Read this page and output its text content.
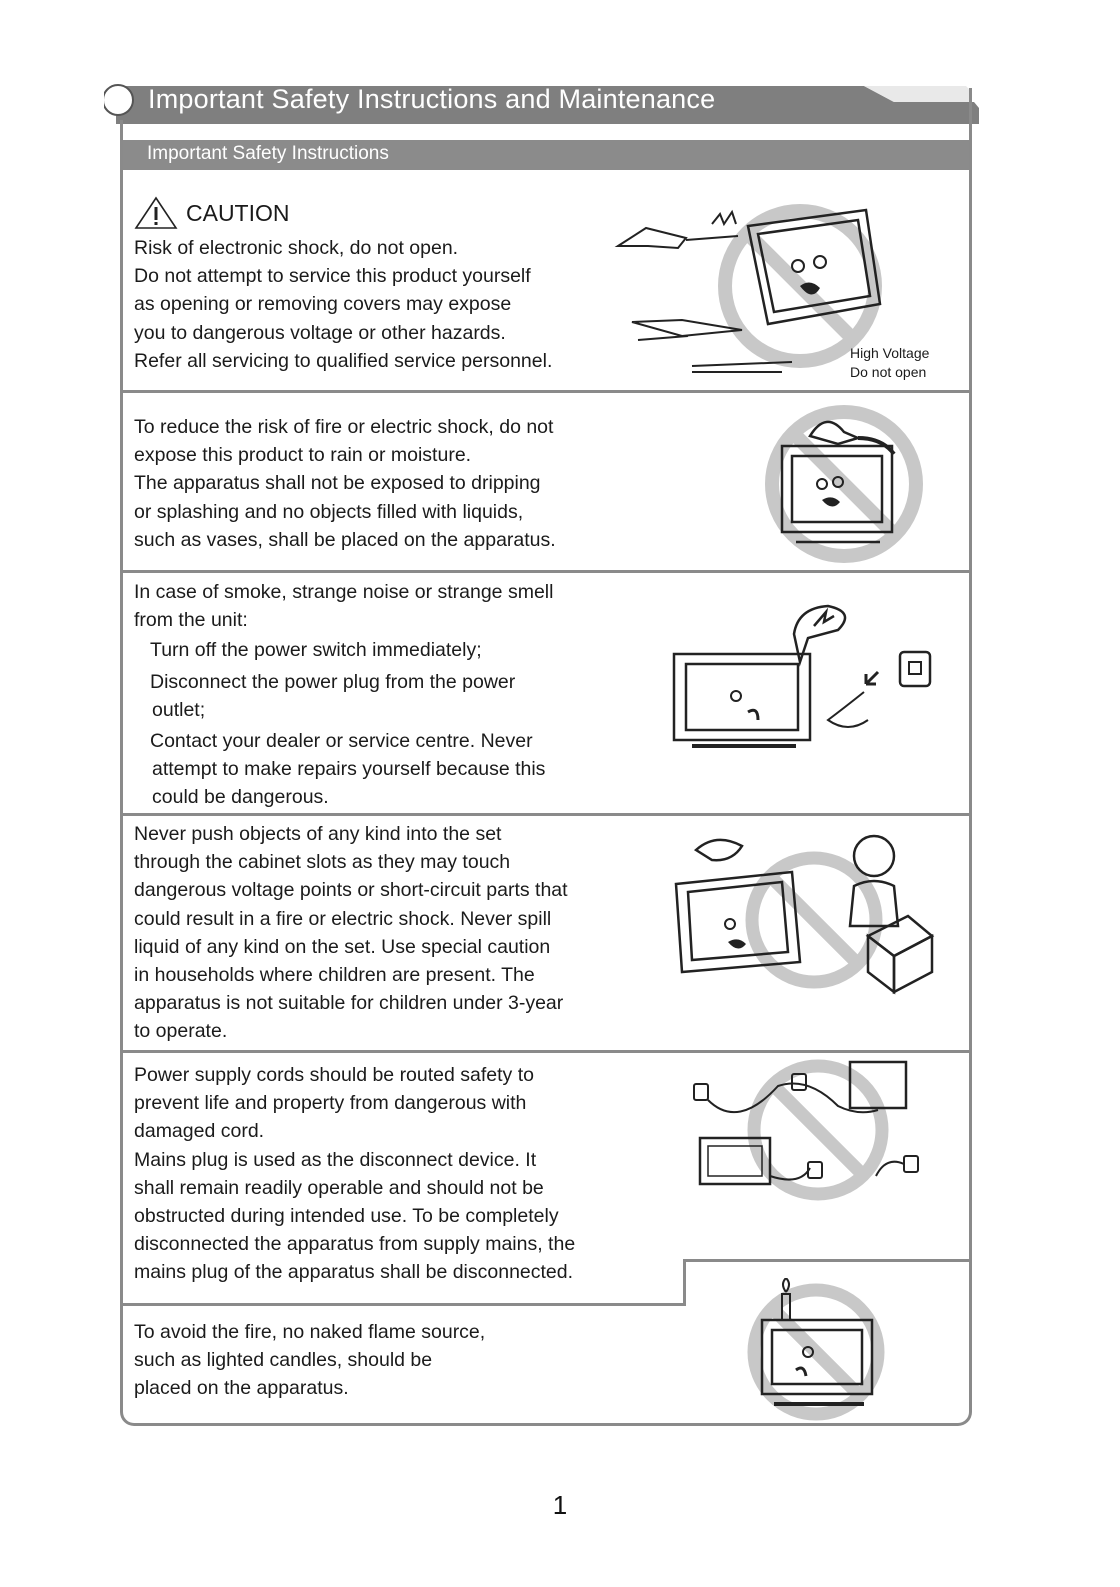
Important Safety Instructions and Maintenance
Important Safety Instructions
CAUTION
Risk of electronic shock, do not open.
Do not attempt to service this product yourself
as opening or removing covers may expose
you to dangerous voltage or other hazards.
Refer all servicing to qualified service personnel.	High Voltage
Do not open
To reduce the risk of fire or electric shock, do not
expose this product to rain or moisture.
The apparatus shall not be exposed to dripping
or splashing and no objects filled with liquids,
such as vases, shall be placed on the apparatus.
In case of smoke, strange noise or strange smell
from the unit:
Turn off the power switch immediately;
Disconnect the power plug from the power
outlet;
Contact your dealer or service centre. Never
attempt to make repairs yourself because this
could be dangerous.
Never push objects of any kind into the set
through the cabinet slots as they may touch
dangerous voltage points or short-circuit parts that
could result in a fire or electric shock. Never spill
liquid of any kind on the set. Use special caution
in households where children are present. The
apparatus is not suitable for children under 3-year
to operate.
Power supply cords should be routed safety to
prevent life and property from dangerous with
damaged cord.
Mains plug is used as the disconnect device. It
shall remain readily operable and should not be
obstructed during intended use. To be completely
disconnected the apparatus from supply mains, the
mains plug of the apparatus shall be disconnected.
To avoid the fire, no naked flame source,
such as lighted candles, should be
placed on the apparatus.
1
